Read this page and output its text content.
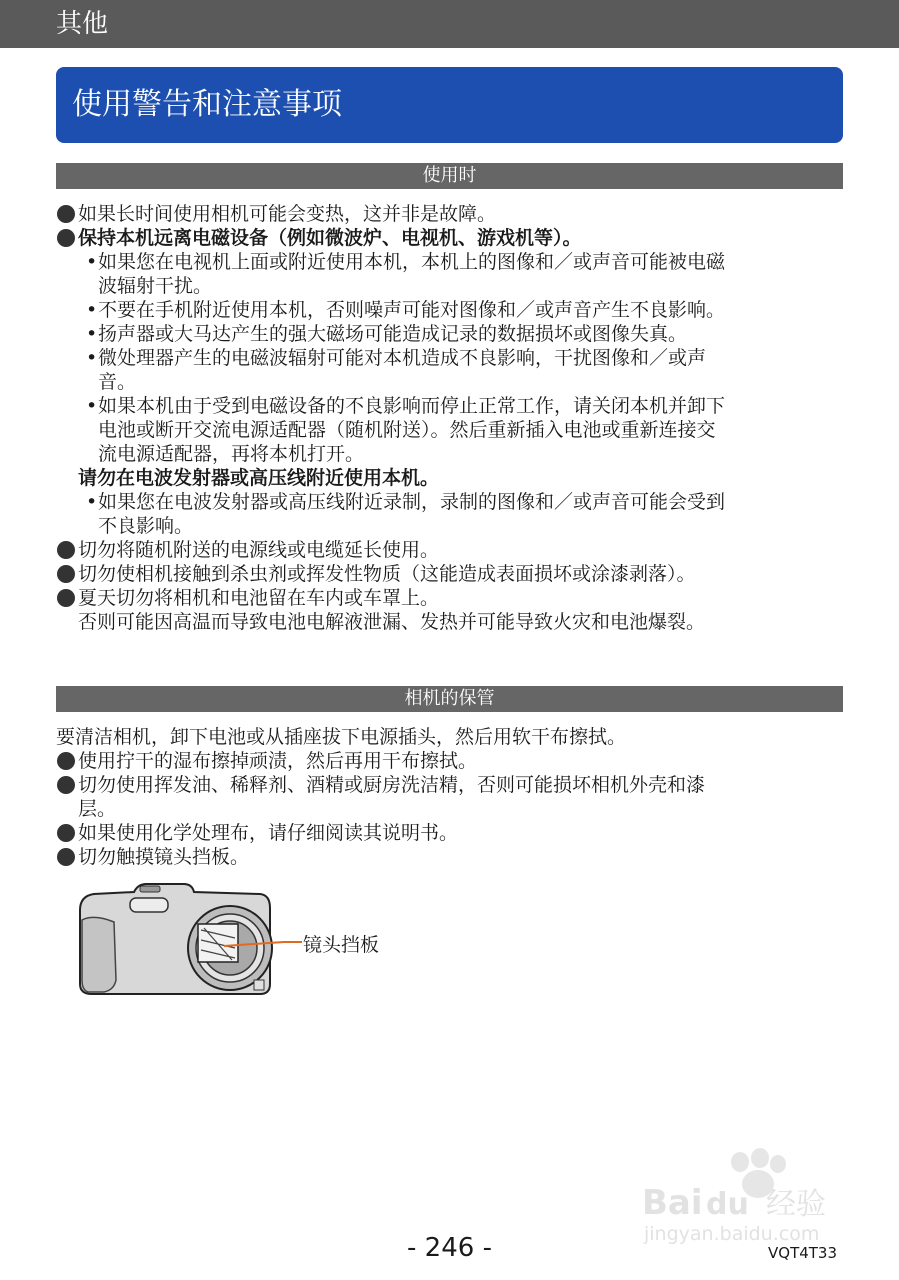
其他
使用警告和注意事项
使用时
如果长时间使用相机可能会变热，这并非是故障。
保持本机远离电磁设备（例如微波炉、电视机、游戏机等）。
• 如果您在电视机上面或附近使用本机，本机上的图像和／或声音可能被电磁
波辐射干扰。
• 不要在手机附近使用本机，否则噪声可能对图像和／或声音产生不良影响。
• 扬声器或大马达产生的强大磁场可能造成记录的数据损坏或图像失真。
• 微处理器产生的电磁波辐射可能对本机造成不良影响，干扰图像和／或声
音。
• 如果本机由于受到电磁设备的不良影响而停止正常工作，请关闭本机并卸下
电池或断开交流电源适配器（随机附送）。然后重新插入电池或重新连接交
流电源适配器，再将本机打开。
请勿在电波发射器或高压线附近使用本机。
• 如果您在电波发射器或高压线附近录制，录制的图像和／或声音可能会受到
不良影响。
切勿将随机附送的电源线或电缆延长使用。
切勿使相机接触到杀虫剂或挥发性物质（这能造成表面损坏或涂漆剥落）。
夏天切勿将相机和电池留在车内或车罩上。
否则可能因高温而导致电池电解液泄漏、发热并可能导致火灾和电池爆裂。
相机的保管
要清洁相机，卸下电池或从插座拔下电源插头，然后用软干布擦拭。
使用拧干的湿布擦掉顽渍，然后再用干布擦拭。
切勿使用挥发油、稀释剂、酒精或厨房洗洁精，否则可能损坏相机外壳和漆
层。
如果使用化学处理布，请仔细阅读其说明书。
切勿触摸镜头挡板。
镜头挡板
Bai du 经验
jingyan.baidu.com
- 246 -	VQT4T33
